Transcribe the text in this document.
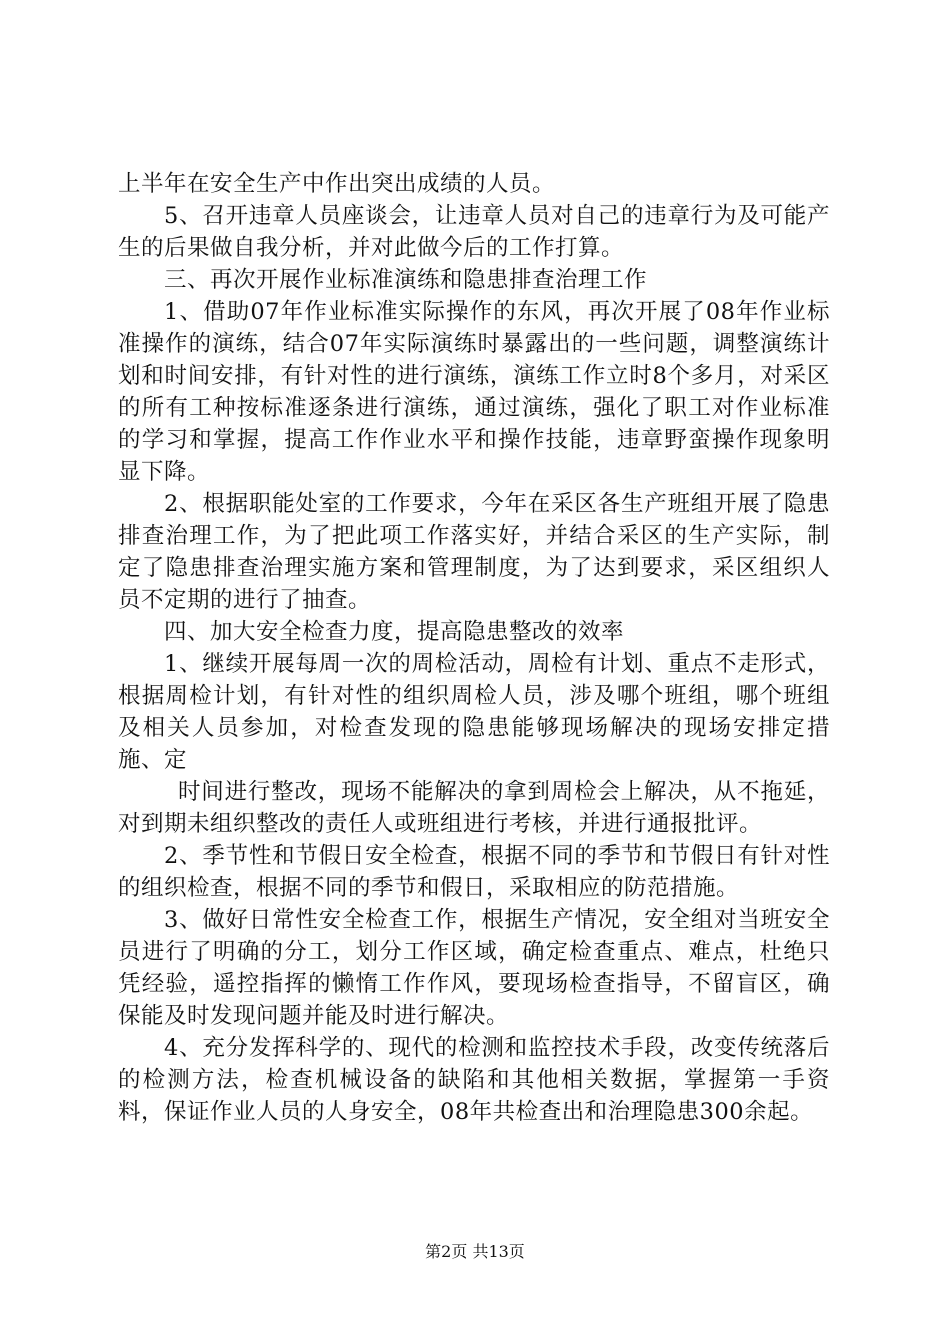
上半年在安全生产中作出突出成绩的人员。

5、召开违章人员座谈会，让违章人员对自己的违章行为及可能产生的后果做自我分析，并对此做今后的工作打算。

三、再次开展作业标准演练和隐患排查治理工作

1、借助07年作业标准实际操作的东风，再次开展了08年作业标准操作的演练，结合07年实际演练时暴露出的一些问题，调整演练计划和时间安排，有针对性的进行演练，演练工作立时8个多月，对采区的所有工种按标准逐条进行演练，通过演练，强化了职工对作业标准的学习和掌握，提高工作作业水平和操作技能，违章野蛮操作现象明显下降。

2、根据职能处室的工作要求，今年在采区各生产班组开展了隐患排查治理工作，为了把此项工作落实好，并结合采区的生产实际，制定了隐患排查治理实施方案和管理制度，为了达到要求，采区组织人员不定期的进行了抽查。

四、加大安全检查力度，提高隐患整改的效率

1、继续开展每周一次的周检活动，周检有计划、重点不走形式，根据周检计划，有针对性的组织周检人员，涉及哪个班组，哪个班组及相关人员参加，对检查发现的隐患能够现场解决的现场安排定措施、定

时间进行整改，现场不能解决的拿到周检会上解决，从不拖延，对到期未组织整改的责任人或班组进行考核，并进行通报批评。

2、季节性和节假日安全检查，根据不同的季节和节假日有针对性的组织检查，根据不同的季节和假日，采取相应的防范措施。

3、做好日常性安全检查工作，根据生产情况，安全组对当班安全员进行了明确的分工，划分工作区域，确定检查重点、难点，杜绝只凭经验，遥控指挥的懒惰工作作风，要现场检查指导，不留盲区，确保能及时发现问题并能及时进行解决。

4、充分发挥科学的、现代的检测和监控技术手段，改变传统落后的检测方法，检查机械设备的缺陷和其他相关数据，掌握第一手资料，保证作业人员的人身安全，08年共检查出和治理隐患300余起。

第2页 共13页
